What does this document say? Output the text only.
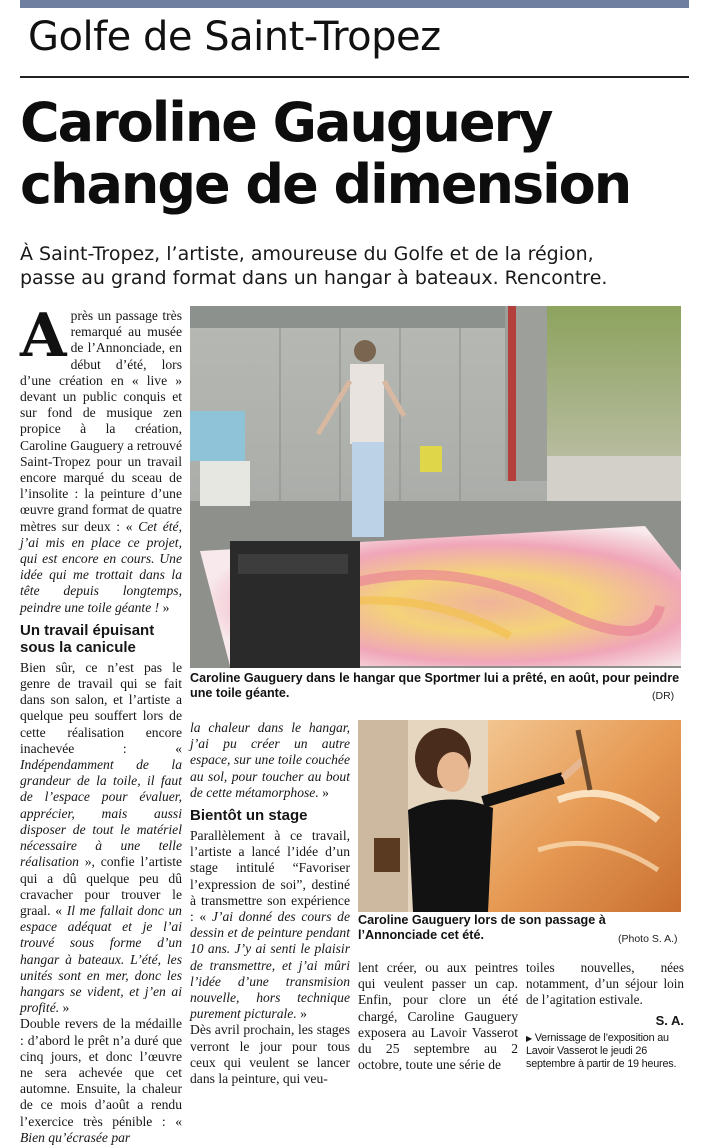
Golfe de Saint-Tropez
Caroline Gauguery
change de dimension
À Saint-Tropez, l’artiste, amoureuse du Golfe et de la région,
passe au grand format dans un hangar à bateaux. Rencontre.

Après un passage très remarqué au musée de l’Annonciade, en début d’été, lors d’une création en « live » devant un public conquis et sur fond de musique zen propice à la création, Caroline Gauguery a retrouvé Saint-Tropez pour un travail encore marqué du sceau de l’insolite : la peinture d’une œuvre grand format de quatre mètres sur deux : « Cet été, j’ai mis en place ce projet, qui est encore en cours. Une idée qui me trottait dans la tête depuis longtemps, peindre une toile géante ! »

Un travail épuisant sous la canicule

Bien sûr, ce n’est pas le genre de travail qui se fait dans son salon, et l’artiste a quelque peu souffert lors de cette réalisation encore inachevée : « Indépendamment de la grandeur de la toile, il faut de l’espace pour évaluer, apprécier, mais aussi disposer de tout le matériel nécessaire à une telle réalisation », confie l’artiste qui a dû quelque peu dû cravacher pour trouver le graal. « Il me fallait donc un espace adéquat et je l’ai trouvé sous forme d’un hangar à bateaux. L’été, les unités sont en mer, donc les hangars se vident, et j’en ai profité. »

Double revers de la médaille : d’abord le prêt n’a duré que cinq jours, et donc l’œuvre ne sera achevée que cet automne. Ensuite, la chaleur de ce mois d’août a rendu l’exercice très pénible : « Bien qu’écrasée par

Caroline Gauguery dans le hangar que Sportmer lui a prêté, en août, pour peindre une toile géante.	(DR)

la chaleur dans le hangar, j’ai pu créer un autre espace, sur une toile couchée au sol, pour toucher au bout de cette métamorphose. »

Bientôt un stage

Parallèlement à ce travail, l’artiste a lancé l’idée d’un stage intitulé “Favoriser l’expression de soi”, destiné à transmettre son expérience : « J’ai donné des cours de dessin et de peinture pendant 10 ans. J’y ai senti le plaisir de transmettre, et j’ai mûri l’idée d’une transmision nouvelle, hors technique purement picturale. »

Dès avril prochain, les stages verront le jour pour tous ceux qui veulent se lancer dans la peinture, qui veu-

Caroline Gauguery lors de son passage à l’Annonciade cet été.	(Photo S. A.)

lent créer, ou aux peintres qui veulent passer un cap. Enfin, pour clore un été chargé, Caroline Gauguery exposera au Lavoir Vasserot du 25 septembre au 2 octobre, toute une série de

toiles nouvelles, nées notamment, d’un séjour loin de l’agitation estivale.

S. A.
▶ Vernissage de l’exposition au Lavoir Vasserot le jeudi 26 septembre à partir de 19 heures.
